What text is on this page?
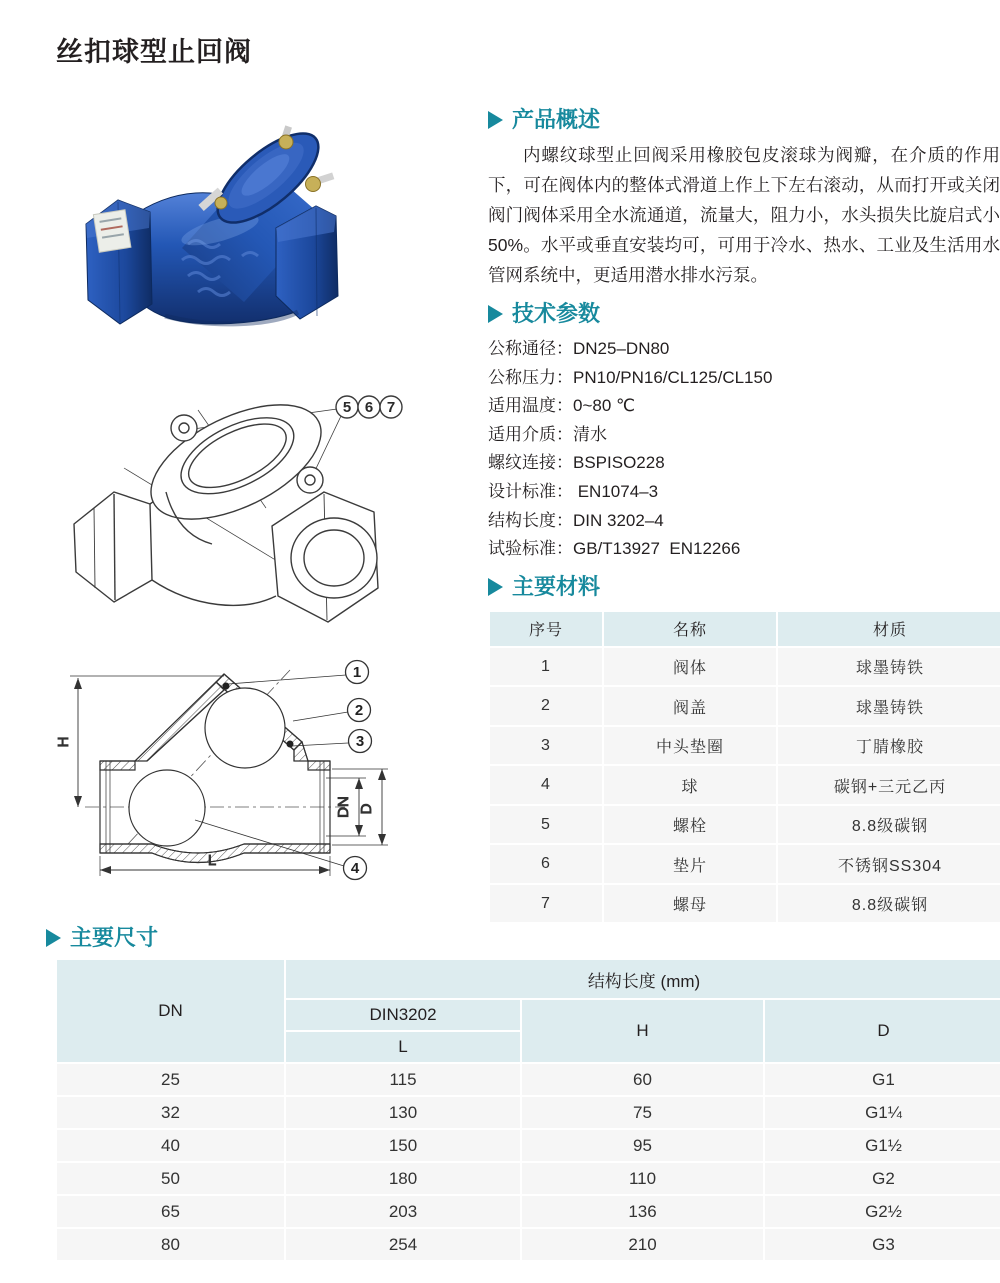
丝扣球型止回阀
5 6 7
H
L
DN D
1
2
3
4
产品概述

内螺纹球型止回阀采用橡胶包皮滚球为阀瓣，在介质的作用下，可在阀体内的整体式滑道上作上下左右滚动，从而打开或关闭阀门阀体采用全水流通道，流量大，阻力小，水头损失比旋启式小50%。水平或垂直安装均可，可用于冷水、热水、工业及生活用水管网系统中，更适用潜水排水污泵。

技术参数
公称通径：DN25–DN80
公称压力：PN10/PN16/CL125/CL150
适用温度：0~80 ℃
适用介质：清水
螺纹连接：BSPISO228
设计标准： EN1074–3
结构长度：DIN 3202–4
试验标准：GB/T13927  EN12266
主要材料
序号	名称	材质
1	阀体	球墨铸铁
2	阀盖	球墨铸铁
3	中头垫圈	丁腈橡胶
4	球	碳钢+三元乙丙
5	螺栓	8.8级碳钢
6	垫片	不锈钢SS304
7	螺母	8.8级碳钢
主要尺寸
DN	结构长度 (mm)		
	DIN3202	H	D
	L		
25	115	60	G1
32	130	75	G1¼
40	150	95	G1½
50	180	110	G2
65	203	136	G2½
80	254	210	G3
